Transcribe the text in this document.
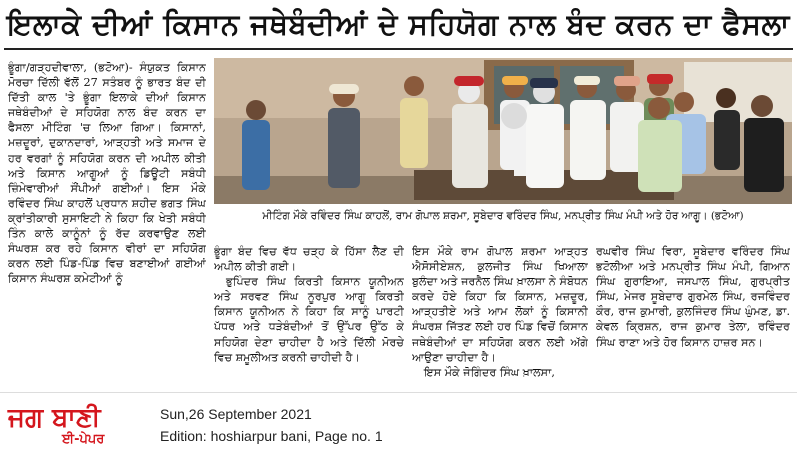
ਇਲਾਕੇ ਦੀਆਂ ਕਿਸਾਨ ਜਥੇਬੰਦੀਆਂ ਦੇ ਸਹਿਯੋਗ ਨਾਲ ਬੰਦ ਕਰਨ ਦਾ ਫੈਸਲਾ

ਭੂੰਗਾ/ਗੜ੍ਹਦੀਵਾਲਾ, (ਭਟੋਆ)- ਸੰਯੁਕਤ ਕਿਸਾਨ ਮੋਰਚਾ ਦਿੱਲੀ ਵੱਲੋਂ 27 ਸਤੰਬਰ ਨੂੰ ਭਾਰਤ ਬੰਦ ਦੀ ਦਿੱਤੀ ਕਾਲ 'ਤੇ ਭੂੰਗਾ ਇਲਾਕੇ ਦੀਆਂ ਕਿਸਾਨ ਜਥੇਬੰਦੀਆਂ ਦੇ ਸਹਿਯੋਗ ਨਾਲ ਬੰਦ ਕਰਨ ਦਾ ਫੈਸਲਾ ਮੀਟਿੰਗ 'ਚ ਲਿਆ ਗਿਆ। ਕਿਸਾਨਾਂ, ਮਜ਼ਦੂਰਾਂ, ਦੁਕਾਨਦਾਰਾਂ, ਆੜ੍ਹਤੀ ਅਤੇ ਸਮਾਜ ਦੇ ਹਰ ਵਰਗਾਂ ਨੂੰ ਸਹਿਯੋਗ ਕਰਨ ਦੀ ਅਪੀਲ ਕੀਤੀ ਅਤੇ ਕਿਸਾਨ ਆਗੂਆਂ ਨੂੰ ਡਿਊਟੀ ਸਬੰਧੀ ਜ਼ਿੰਮੇਵਾਰੀਆਂ ਸੌਂਪੀਆਂ ਗਈਆਂ। ਇਸ ਮੌਕੇ ਰਵਿੰਦਰ ਸਿੰਘ ਕਾਹਲੋਂ ਪ੍ਰਧਾਨ ਸ਼ਹੀਦ ਭਗਤ ਸਿੰਘ ਕ੍ਰਾਂਤੀਕਾਰੀ ਸੁਸਾਇਟੀ ਨੇ ਕਿਹਾ ਕਿ ਖੇਤੀ ਸਬੰਧੀ ਤਿੰਨ ਕਾਲੇ ਕਾਨੂੰਨਾਂ ਨੂੰ ਰੱਦ ਕਰਵਾਉਣ ਲਈ ਸੰਘਰਸ਼ ਕਰ ਰਹੇ ਕਿਸਾਨ ਵੀਰਾਂ ਦਾ ਸਹਿਯੋਗ ਕਰਨ ਲਈ ਪਿੰਡ-ਪਿੰਡ ਵਿਚ ਬਣਾਈਆਂ ਗਈਆਂ ਕਿਸਾਨ ਸੰਘਰਸ਼ ਕਮੇਟੀਆਂ ਨੂੰ

ਮੀਟਿੰਗ ਮੌਕੇ ਰਵਿੰਦਰ ਸਿੰਘ ਕਾਹਲੋਂ, ਰਾਮ ਗੋਪਾਲ ਸ਼ਰਮਾ, ਸੂਬੇਦਾਰ ਵਰਿੰਦਰ ਸਿੰਘ, ਮਨਪ੍ਰੀਤ ਸਿੰਘ ਮੰਪੀ ਅਤੇ ਹੋਰ ਆਗੂ। (ਭਟੋਆ)

ਭੂੰਗਾ ਬੰਦ ਵਿਚ ਵੱਧ ਚੜ੍ਹ ਕੇ ਹਿੱਸਾ ਲੈਣ ਦੀ ਅਪੀਲ ਕੀਤੀ ਗਈ।

ਭੁਪਿੰਦਰ ਸਿੰਘ ਕਿਰਤੀ ਕਿਸਾਨ ਯੂਨੀਅਨ ਅਤੇ ਸਰਵਣ ਸਿੰਘ ਨੂਰਪੁਰ ਆਗੂ ਕਿਰਤੀ ਕਿਸਾਨ ਯੂਨੀਅਨ ਨੇ ਕਿਹਾ ਕਿ ਸਾਨੂੰ ਪਾਰਟੀ ਪੱਧਰ ਅਤੇ ਧੜੇਬੰਦੀਆਂ ਤੋਂ ਉੱਪਰ ਉੱਠ ਕੇ ਸਹਿਯੋਗ ਦੇਣਾ ਚਾਹੀਦਾ ਹੈ ਅਤੇ ਦਿੱਲੀ ਮੋਰਚੇ ਵਿਚ ਸ਼ਮੂਲੀਅਤ ਕਰਨੀ ਚਾਹੀਦੀ ਹੈ।

ਇਸ ਮੌਕੇ ਰਾਮ ਗੋਪਾਲ ਸ਼ਰਮਾ ਆੜ੍ਹਤ ਐਸੋਸੀਏਸ਼ਨ, ਕੁਲਜੀਤ ਸਿੰਘ ਖਿਆਲਾ ਬੁਲੰਦਾ ਅਤੇ ਜਰਨੈਲ ਸਿੰਘ ਖ਼ਾਲਸਾ ਨੇ ਸੰਬੋਧਨ ਕਰਦੇ ਹੋਏ ਕਿਹਾ ਕਿ ਕਿਸਾਨ, ਮਜ਼ਦੂਰ, ਆੜ੍ਹਤੀਏ ਅਤੇ ਆਮ ਲੋਕਾਂ ਨੂੰ ਕਿਸਾਨੀ ਸੰਘਰਸ਼ ਜਿੱਤਣ ਲਈ ਹਰ ਪਿੰਡ ਵਿਚੋਂ ਕਿਸਾਨ ਜਥੇਬੰਦੀਆਂ ਦਾ ਸਹਿਯੋਗ ਕਰਨ ਲਈ ਅੱਗੇ ਆਉਣਾ ਚਾਹੀਦਾ ਹੈ।

ਇਸ ਮੌਕੇ ਜੋਗਿੰਦਰ ਸਿੰਘ ਖ਼ਾਲਸਾ,

ਰਘਵੀਰ ਸਿੰਘ ਵਿਰਾ, ਸੂਬੇਦਾਰ ਵਰਿੰਦਰ ਸਿੰਘ ਭਟੋਲੀਆ ਅਤੇ ਮਨਪ੍ਰੀਤ ਸਿੰਘ ਮੰਪੀ, ਗਿਆਨ ਸਿੰਘ ਗੁਰਾਇਆ, ਜਸਪਾਲ ਸਿੰਘ, ਗੁਰਪ੍ਰੀਤ ਸਿੰਘ, ਮੇਜਰ ਸੂਬੇਦਾਰ ਗੁਰਮੇਲ ਸਿੰਘ, ਰਜਵਿੰਦਰ ਕੌਰ, ਰਾਜ ਕੁਮਾਰੀ, ਕੁਲਜਿੰਦਰ ਸਿੰਘ ਘੁੰਮਣ, ਡਾ. ਕੇਵਲ ਕ੍ਰਿਸ਼ਨ, ਰਾਜ ਕੁਮਾਰ ਤੇਲਾ, ਰਵਿੰਦਰ ਸਿੰਘ ਰਾਣਾ ਅਤੇ ਹੋਰ ਕਿਸਾਨ ਹਾਜ਼ਰ ਸਨ।

ਜਗ ਬਾਣੀ
ਈ-ਪੇਪਰ
Sun,26 September 2021
Edition: hoshiarpur bani, Page no. 1
